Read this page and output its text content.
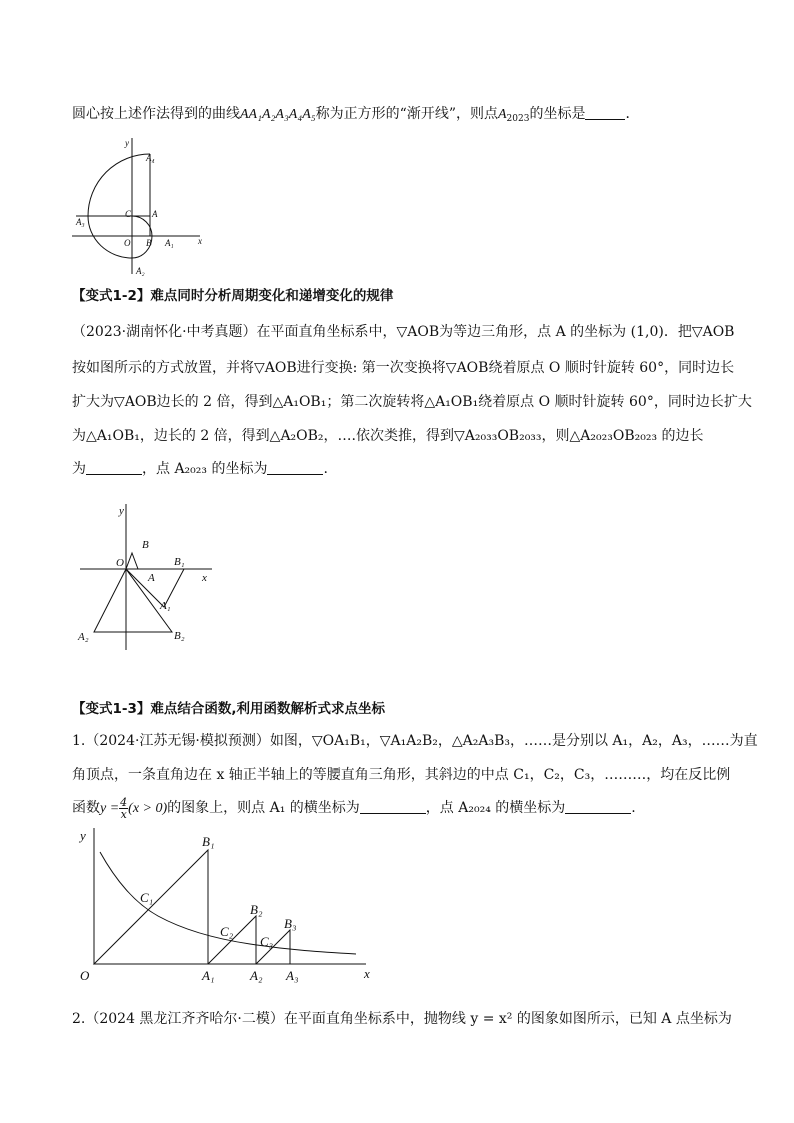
圆心按上述作法得到的曲线AA₁A₂A₃A₄A₅称为正方形的“渐开线”，则点$A_{2023}$的坐标是	．
y
A₄
C A
A₃
O B A₁	x
A₂
【变式1-2】难点同时分析周期变化和递增变化的规律
（2023·湖南怀化·中考真题）在平面直角坐标系中，▽AOB为等边三角形，点 A 的坐标为 (1,0)．把▽AOB
按如图所示的方式放置，并将▽AOB进行变换: 第一次变换将▽AOB绕着原点 O 顺时针旋转 60°，同时边长
扩大为▽AOB边长的 2 倍，得到△A₁OB₁；第二次旋转将△A₁OB₁绕着原点 O 顺时针旋转 60°，同时边长扩大
为△A₁OB₁，边长的 2 倍，得到△A₂OB₂，….依次类推，得到▽A₂₀₃₃OB₂₀₃₃，则△A₂₀₂₃OB₂₀₂₃ 的边长
为	，点 A₂₀₂₃ 的坐标为	.
y
B
O	B₁
A	x
A₁
A₂	B₂
【变式1-3】难点结合函数,利用函数解析式求点坐标
1.（2024·江苏无锡·模拟预测）如图，▽OA₁B₁，▽A₁A₂B₂，△A₂A₃B₃，……是分别以 A₁，A₂，A₃，……为直
角顶点，一条直角边在 x 轴正半轴上的等腰直角三角形，其斜边的中点 C₁，C₂，C₃，………，均在反比例
函数$y = \frac{4}{x} (x > 0)$的图象上，则点 A₁ 的横坐标为	，点 A₂₀₂₄ 的横坐标为	.
y	B₁
C₁
B₂
C₂
B₃
C₃
O	A₁	A₂ A₃	x
2.（2024 黑龙江齐齐哈尔·二模）在平面直角坐标系中，抛物线 y = x² 的图象如图所示，已知 A 点坐标为
